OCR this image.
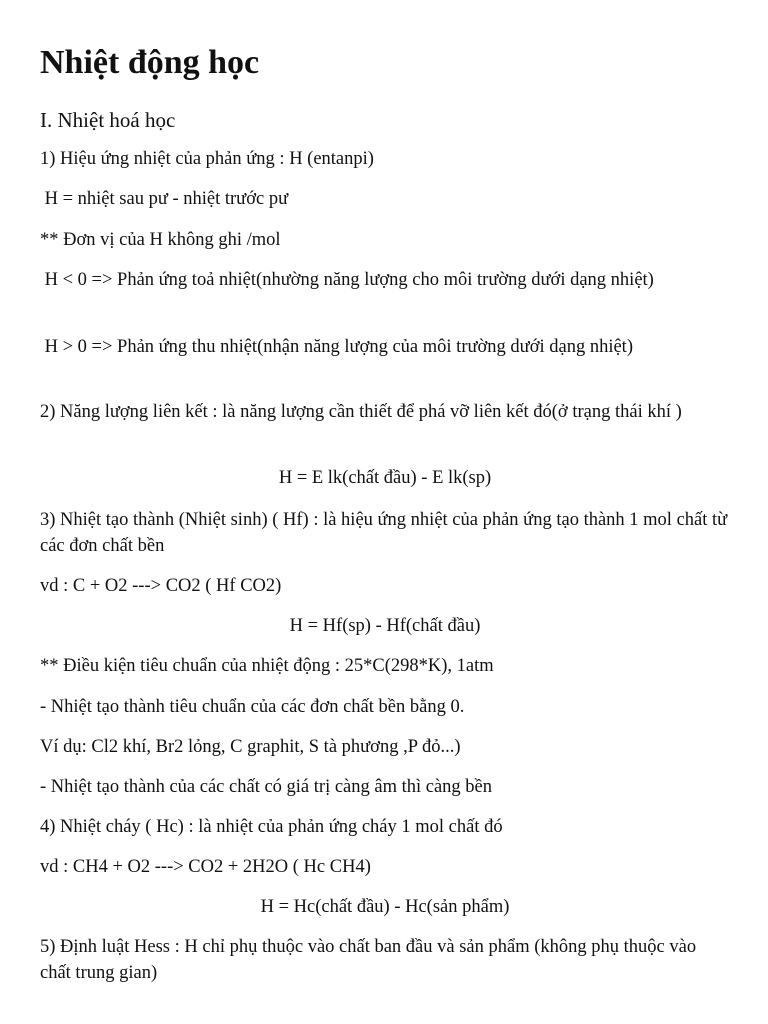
Nhiệt động học
I. Nhiệt hoá học

1) Hiệu ứng nhiệt của phản ứng : H (entanpi)

H = nhiệt sau pư - nhiệt trước pư

** Đơn vị của H không ghi /mol

H < 0 => Phản ứng toả nhiệt(nhường năng lượng cho môi trường dưới dạng nhiệt)

H > 0 => Phản ứng thu nhiệt(nhận năng lượng của môi trường dưới dạng nhiệt)

2) Năng lượng liên kết : là năng lượng cần thiết để phá vỡ liên kết đó(ở trạng thái khí )

H = E lk(chất đầu) - E lk(sp)

3) Nhiệt tạo thành (Nhiệt sinh) ( Hf) : là hiệu ứng nhiệt của phản ứng tạo thành 1 mol chất từ các đơn chất bền

vd : C + O2 ---> CO2 ( Hf CO2)

H = Hf(sp) - Hf(chất đầu)

** Điều kiện tiêu chuẩn của nhiệt động : 25*C(298*K), 1atm

- Nhiệt tạo thành tiêu chuẩn của các đơn chất bền bằng 0.

Ví dụ: Cl2 khí, Br2 lỏng, C graphit, S tà phương ,P đỏ...)

- Nhiệt tạo thành của các chất có giá trị càng âm thì càng bền

4) Nhiệt cháy ( Hc) : là nhiệt của phản ứng cháy 1 mol chất đó

vd : CH4 + O2 ---> CO2 + 2H2O ( Hc CH4)

H = Hc(chất đầu) - Hc(sản phẩm)

5) Định luật Hess : H chỉ phụ thuộc vào chất ban đầu và sản phẩm (không phụ thuộc vào chất trung gian)
